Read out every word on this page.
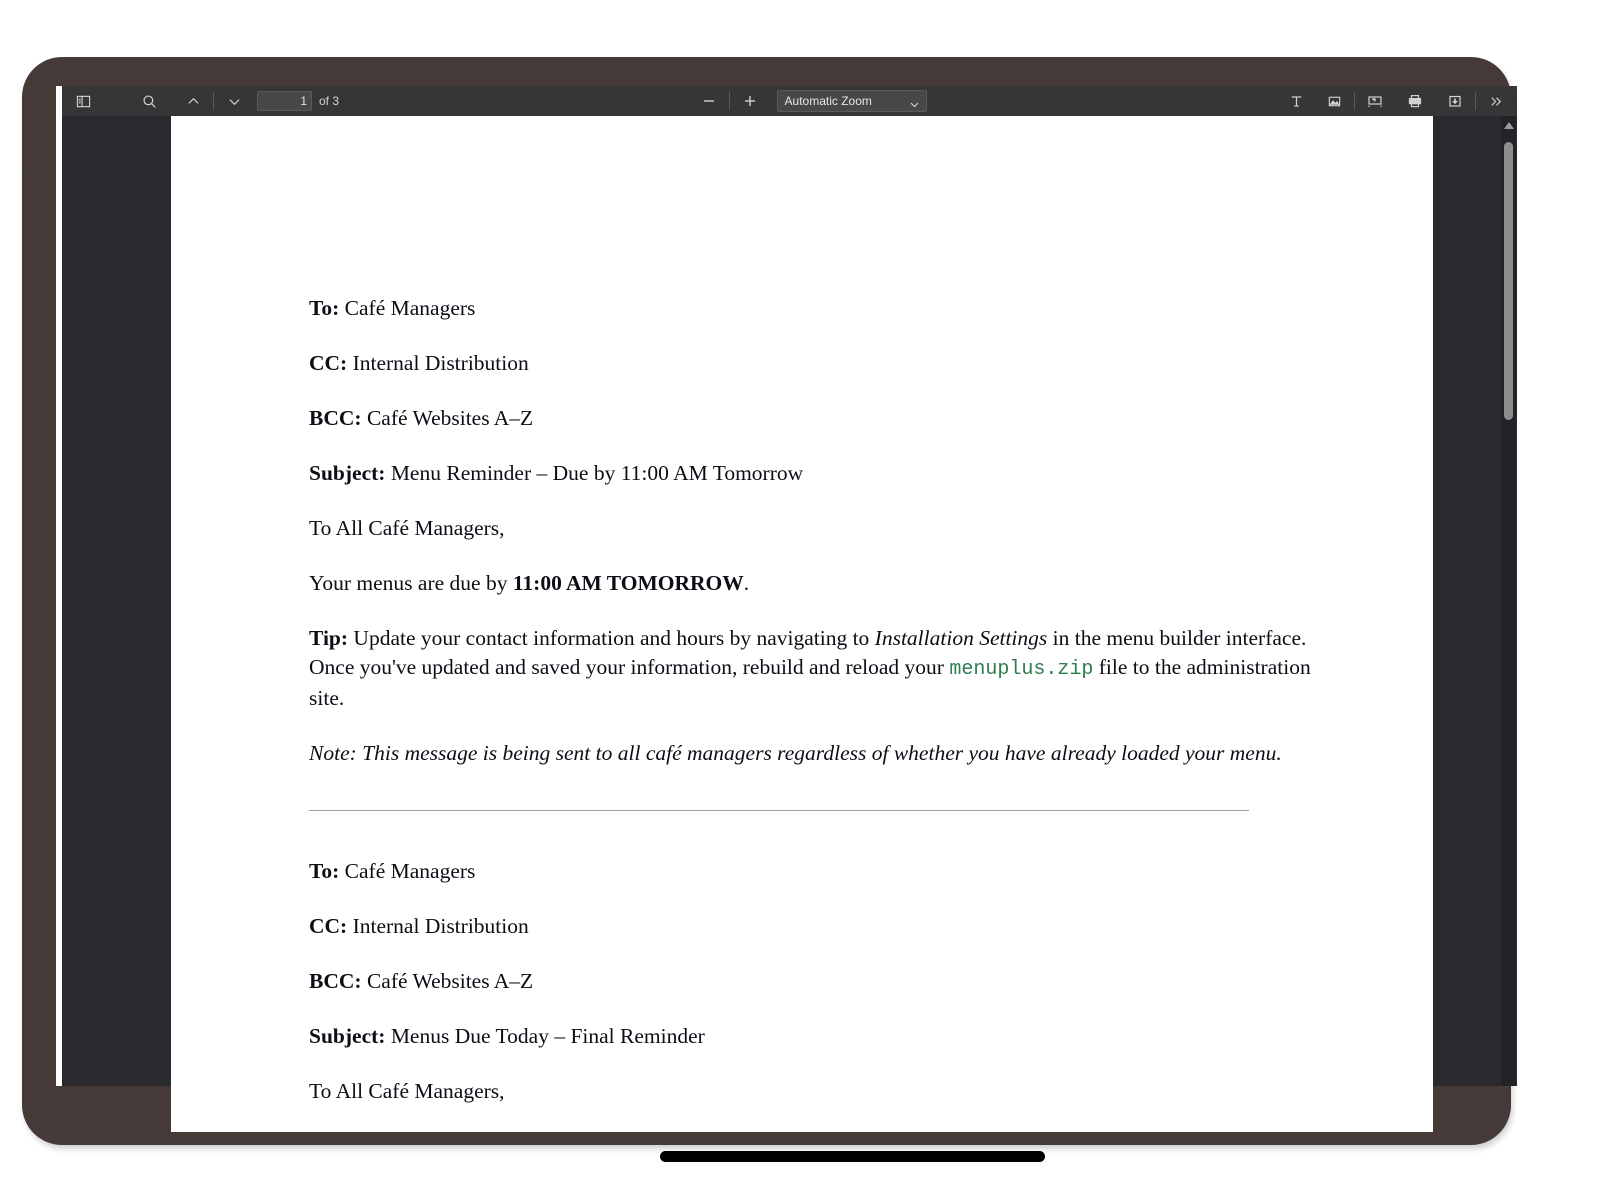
1
of 3	Automatic Zoom

To: Café Managers

CC: Internal Distribution

BCC: Café Websites A–Z

Subject: Menu Reminder – Due by 11:00 AM Tomorrow

To All Café Managers,

Your menus are due by 11:00 AM TOMORROW.

Tip: Update your contact information and hours by navigating to Installation Settings in the menu builder interface. Once you've updated and saved your information, rebuild and reload your menuplus.zip file to the administration site.

Note: This message is being sent to all café managers regardless of whether you have already loaded your menu.

To: Café Managers

CC: Internal Distribution

BCC: Café Websites A–Z

Subject: Menus Due Today – Final Reminder

To All Café Managers,
